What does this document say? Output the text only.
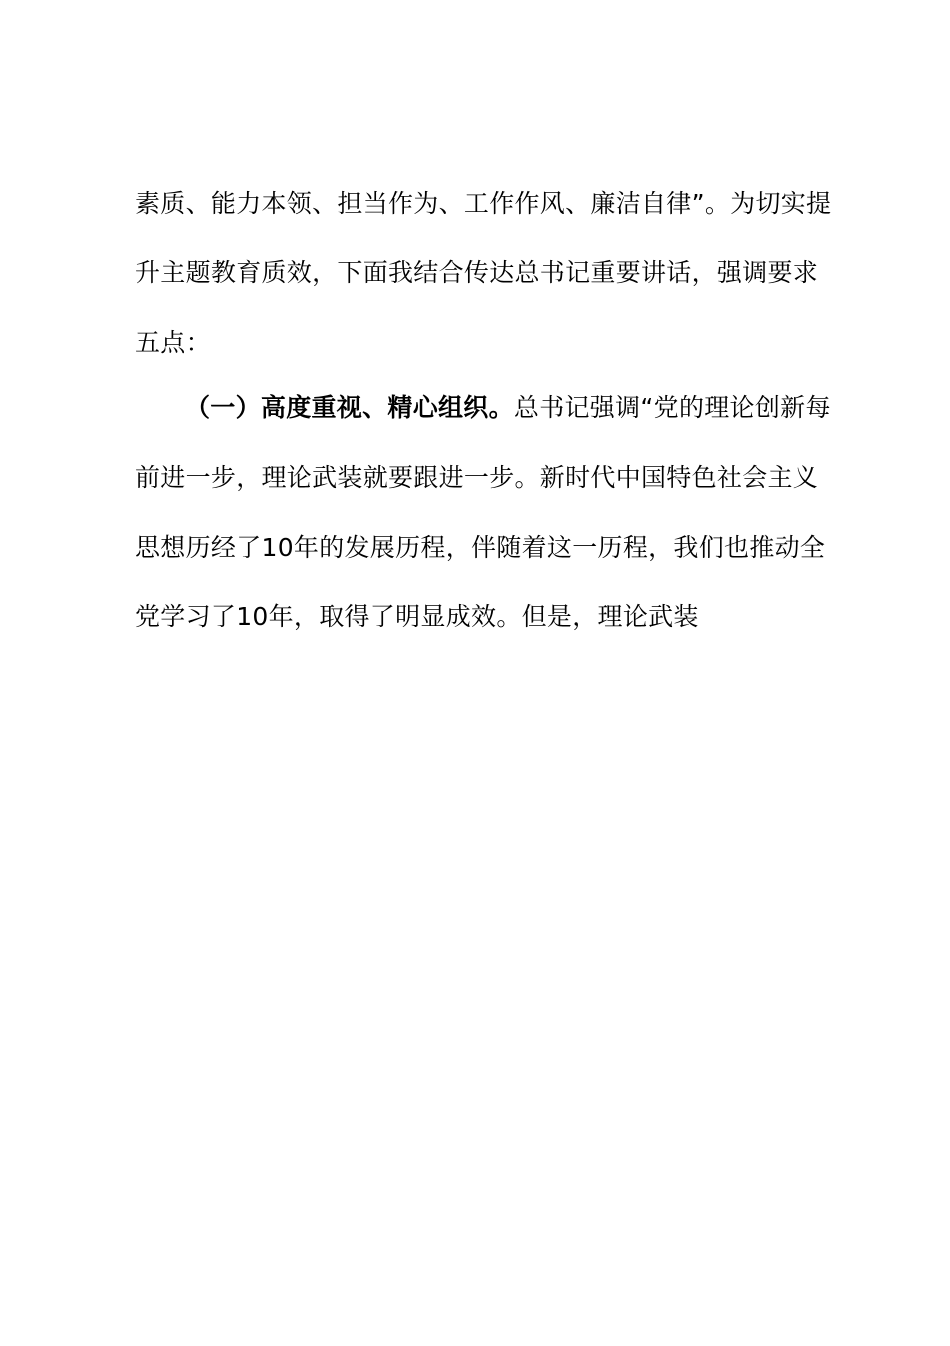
素质、能力本领、担当作为、工作作风、廉洁自律”。为切实提
升主题教育质效，下面我结合传达总书记重要讲话，强调要求
五点：
（一）高度重视、精心组织。总书记强调“党的理论创新每
前进一步，理论武装就要跟进一步。新时代中国特色社会主义
思想历经了10年的发展历程，伴随着这一历程，我们也推动全
党学习了10年，取得了明显成效。但是，理论武装
